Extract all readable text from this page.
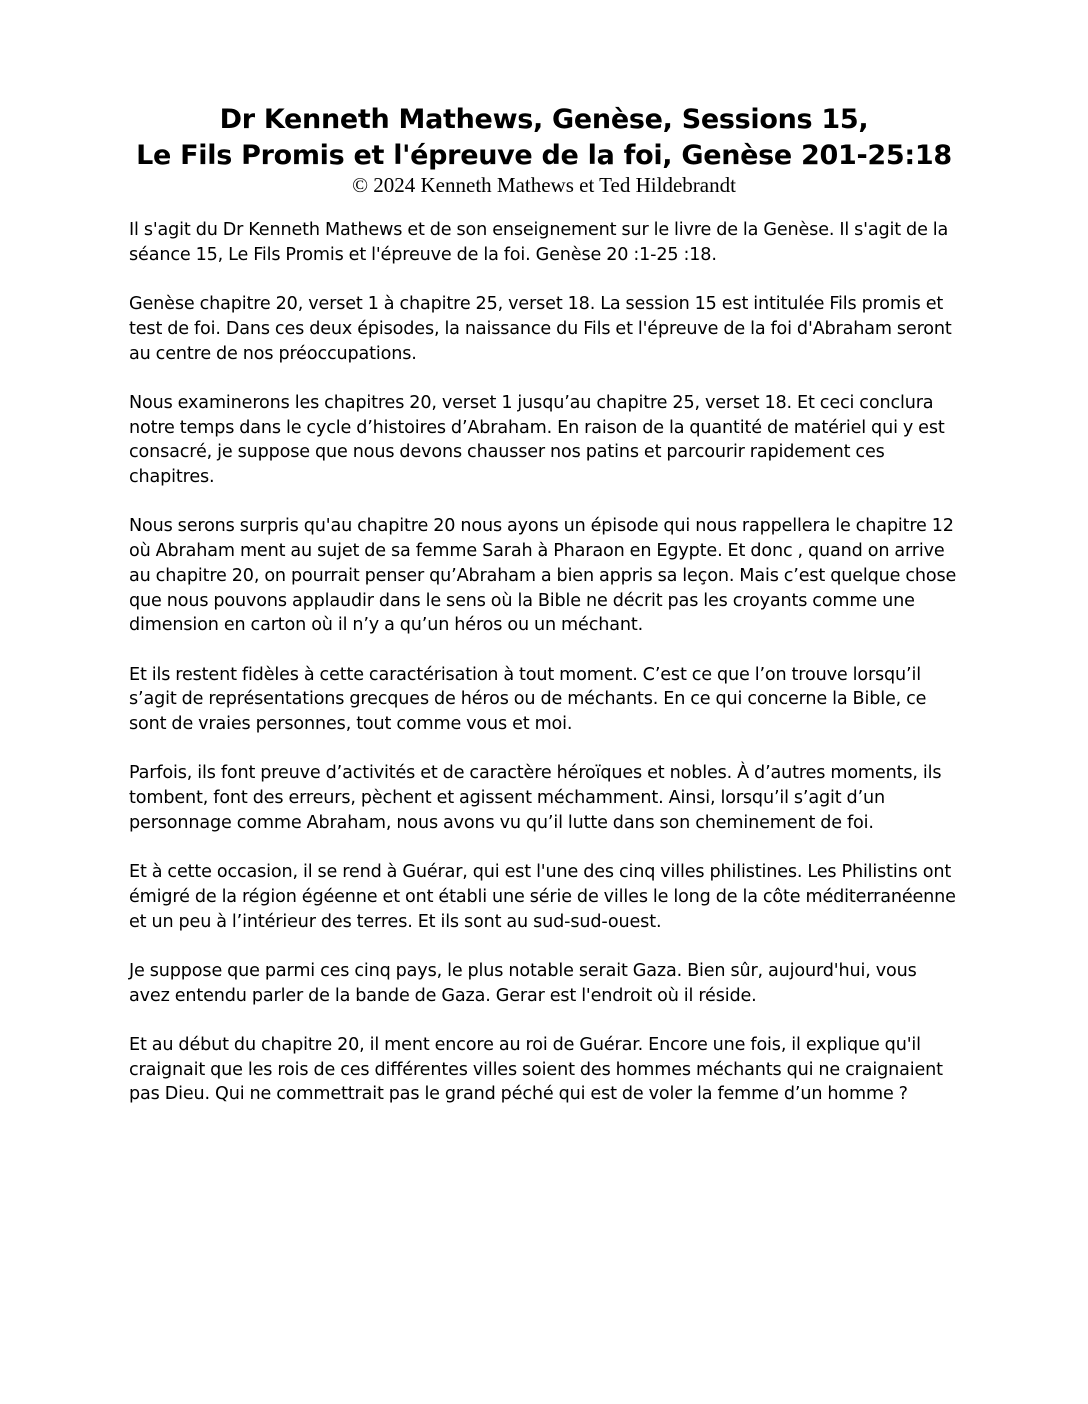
Dr Kenneth Mathews, Genèse, Sessions 15,

Le Fils Promis et l'épreuve de la foi, Genèse 201-25:18

© 2024 Kenneth Mathews et Ted Hildebrandt

Il s'agit du Dr Kenneth Mathews et de son enseignement sur le livre de la Genèse. Il s'agit de la séance 15, Le Fils Promis et l'épreuve de la foi. Genèse 20 :1-25 :18.

Genèse chapitre 20, verset 1 à chapitre 25, verset 18. La session 15 est intitulée Fils promis et test de foi. Dans ces deux épisodes, la naissance du Fils et l'épreuve de la foi d'Abraham seront au centre de nos préoccupations.

Nous examinerons les chapitres 20, verset 1 jusqu’au chapitre 25, verset 18. Et ceci conclura notre temps dans le cycle d’histoires d’Abraham. En raison de la quantité de matériel qui y est consacré, je suppose que nous devons chausser nos patins et parcourir rapidement ces chapitres.

Nous serons surpris qu'au chapitre 20 nous ayons un épisode qui nous rappellera le chapitre 12 où Abraham ment au sujet de sa femme Sarah à Pharaon en Egypte. Et donc , quand on arrive au chapitre 20, on pourrait penser qu’Abraham a bien appris sa leçon. Mais c’est quelque chose que nous pouvons applaudir dans le sens où la Bible ne décrit pas les croyants comme une dimension en carton où il n’y a qu’un héros ou un méchant.

Et ils restent fidèles à cette caractérisation à tout moment. C’est ce que l’on trouve lorsqu’il s’agit de représentations grecques de héros ou de méchants. En ce qui concerne la Bible, ce sont de vraies personnes, tout comme vous et moi.

Parfois, ils font preuve d’activités et de caractère héroïques et nobles. À d’autres moments, ils tombent, font des erreurs, pèchent et agissent méchamment. Ainsi, lorsqu’il s’agit d’un personnage comme Abraham, nous avons vu qu’il lutte dans son cheminement de foi.

Et à cette occasion, il se rend à Guérar, qui est l'une des cinq villes philistines. Les Philistins ont émigré de la région égéenne et ont établi une série de villes le long de la côte méditerranéenne et un peu à l’intérieur des terres. Et ils sont au sud-sud-ouest.

Je suppose que parmi ces cinq pays, le plus notable serait Gaza. Bien sûr, aujourd'hui, vous avez entendu parler de la bande de Gaza. Gerar est l'endroit où il réside.

Et au début du chapitre 20, il ment encore au roi de Guérar. Encore une fois, il explique qu'il craignait que les rois de ces différentes villes soient des hommes méchants qui ne craignaient pas Dieu. Qui ne commettrait pas le grand péché qui est de voler la femme d’un homme ?
